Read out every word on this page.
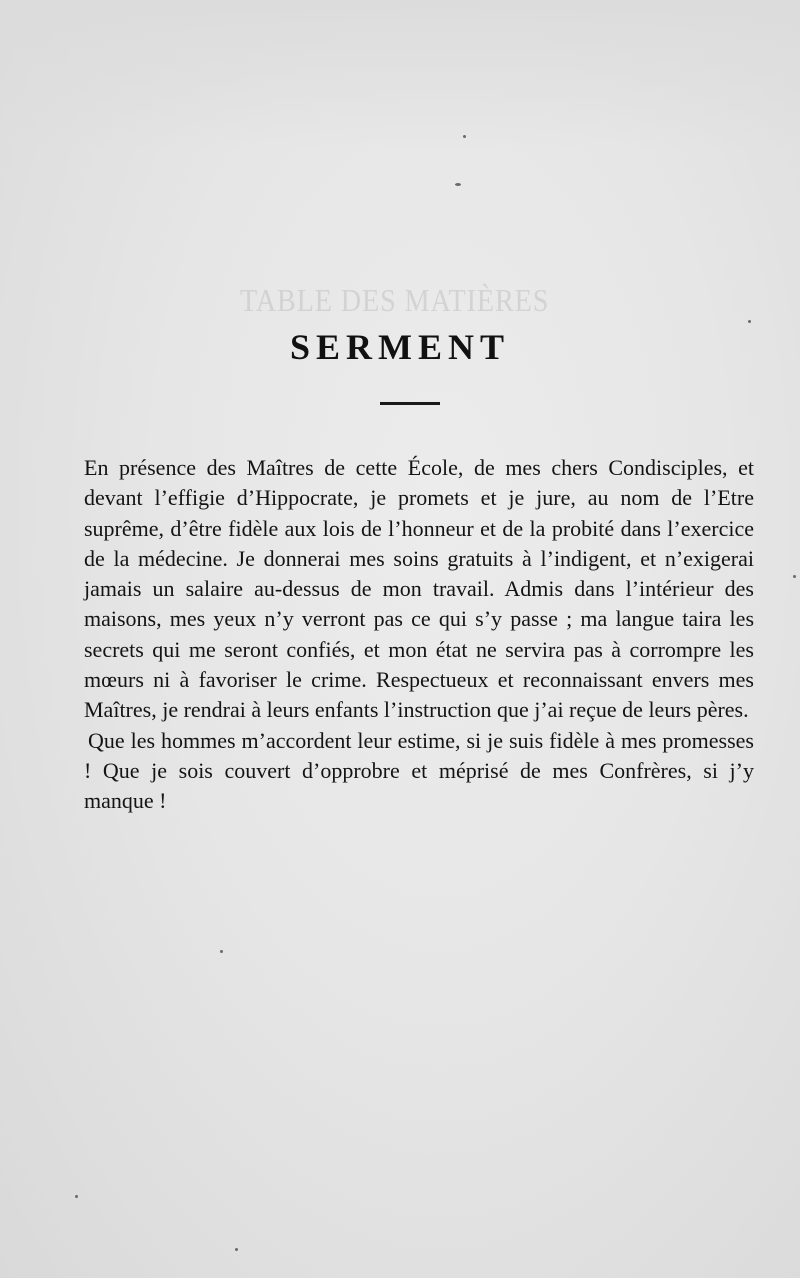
TABLE DES MATIÈRES
SERMENT

En présence des Maîtres de cette École, de mes chers Condisciples, et devant l’effigie d’Hippocrate, je promets et je jure, au nom de l’Etre suprême, d’être fidèle aux lois de l’honneur et de la probité dans l’exercice de la médecine. Je donnerai mes soins gratuits à l’indigent, et n’exigerai jamais un salaire au-dessus de mon travail. Admis dans l’intérieur des maisons, mes yeux n’y verront pas ce qui s’y passe ; ma langue taira les secrets qui me seront confiés, et mon état ne servira pas à corrompre les mœurs ni à favoriser le crime. Respectueux et reconnaissant envers mes Maîtres, je rendrai à leurs enfants l’instruction que j’ai reçue de leurs pères.

Que les hommes m’accordent leur estime, si je suis fidèle à mes promesses ! Que je sois couvert d’opprobre et méprisé de mes Confrères, si j’y manque !
